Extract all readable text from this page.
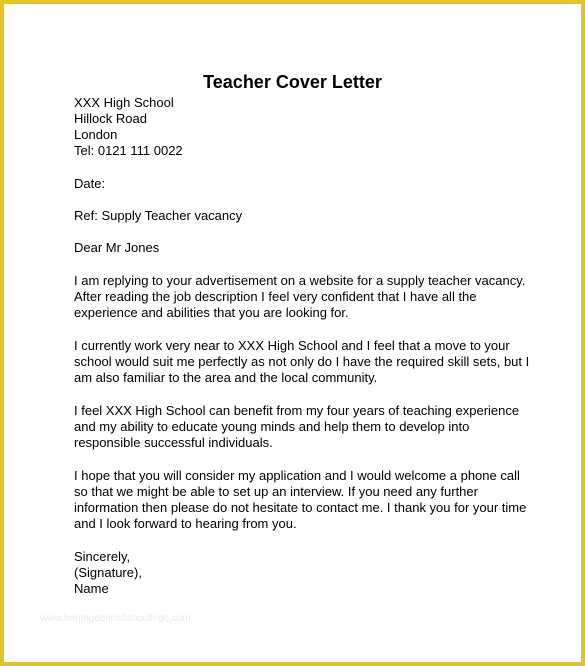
Teacher Cover Letter
XXX High School
Hillock Road
London
Tel: 0121 111 0022
Date:
Ref: Supply Teacher vacancy
Dear Mr Jones
I am replying to your advertisement on a website for a supply teacher vacancy.
After reading the job description I feel very confident that I have all the
experience and abilities that you are looking for.
I currently work very near to XXX High School and I feel that a move to your
school would suit me perfectly as not only do I have the required skill sets, but I
am also familiar to the area and the local community.
I feel XXX High School can benefit from my four years of teaching experience
and my ability to educate young minds and help them to develop into
responsible successful individuals.
I hope that you will consider my application and I would welcome a phone call
so that we might be able to set up an interview. If you need any further
information then please do not hesitate to contact me. I thank you for your time
and I look forward to hearing from you.
Sincerely,
(Signature),
Name
www.heritagechristiancollege.com
